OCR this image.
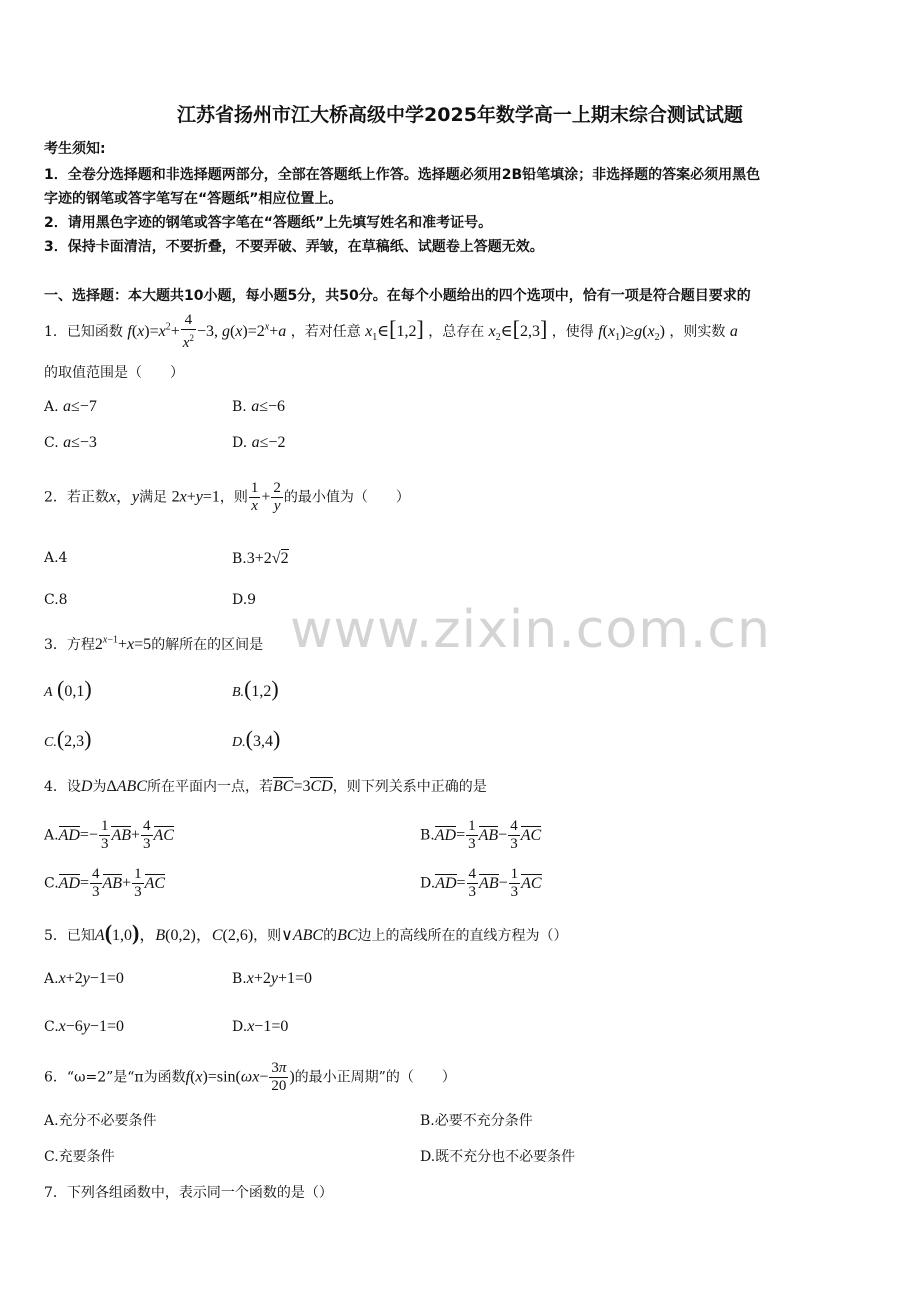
江苏省扬州市江大桥高级中学2025年数学高一上期末综合测试试题
考生须知:
1．全卷分选择题和非选择题两部分，全部在答题纸上作答。选择题必须用2B铅笔填涂；非选择题的答案必须用黑色
字迹的钢笔或答字笔写在“答题纸”相应位置上。
2．请用黑色字迹的钢笔或答字笔在“答题纸”上先填写姓名和准考证号。
3．保持卡面清洁，不要折叠，不要弄破、弄皱，在草稿纸、试题卷上答题无效。
一、选择题：本大题共10小题，每小题5分，共50分。在每个小题给出的四个选项中，恰有一项是符合题目要求的
1．已知函数 $f(x)=x^2+ \frac{4}{x^2} -3$, $g(x)=2^x+a$ ，若对任意 $x_1\in[1,2]$ ，总存在 $x_2\in[2,3]$ ，使得 $f(x_1)\ge g(x_2)$ ，则实数 a
的取值范围是（　　）
A. a≤−7	B. a≤−6
C. a≤−3	D. a≤−2
2．若正数x，y满足 2x+y=1，则 $\frac{1}{x} + \frac{2}{y}$ 的最小值为（　　）
A.4	B.3+2√2
C.8	D.9
3．方程$2^{x-1}+x=5$的解所在的区间是
A (0,1)	B.(1,2)
C.(2,3)	D.(3,4)
4．设D为ΔABC所在平面内一点，若BC=3CD，则下列关系中正确的是
$A.AD=- \frac{1}{3} AB+ \frac{4}{3}$ AC	$B.AD= \frac{1}{3} AB- \frac{4}{3}$ AC
$C.AD= \frac{4}{3} AB+ \frac{1}{3}$ AC	$D.AD= \frac{4}{3} AB- \frac{1}{3}$ AC
5．已知A(1,0)，B(0,2)，C(2,6)，则∨ABC的BC边上的高线所在的直线方程为（）
A.x+2y−1=0	B.x+2y+1=0
C.x−6y−1=0	D.x−1=0
6．“ω=2”是“π为函数$f(x)=\sin(\omega x- \frac{3\pi}{20}$ )的最小正周期”的（　　）
A.充分不必要条件	B.必要不充分条件
C.充要条件	D.既不充分也不必要条件
7．下列各组函数中，表示同一个函数的是（）
www.zixin.com.cn
